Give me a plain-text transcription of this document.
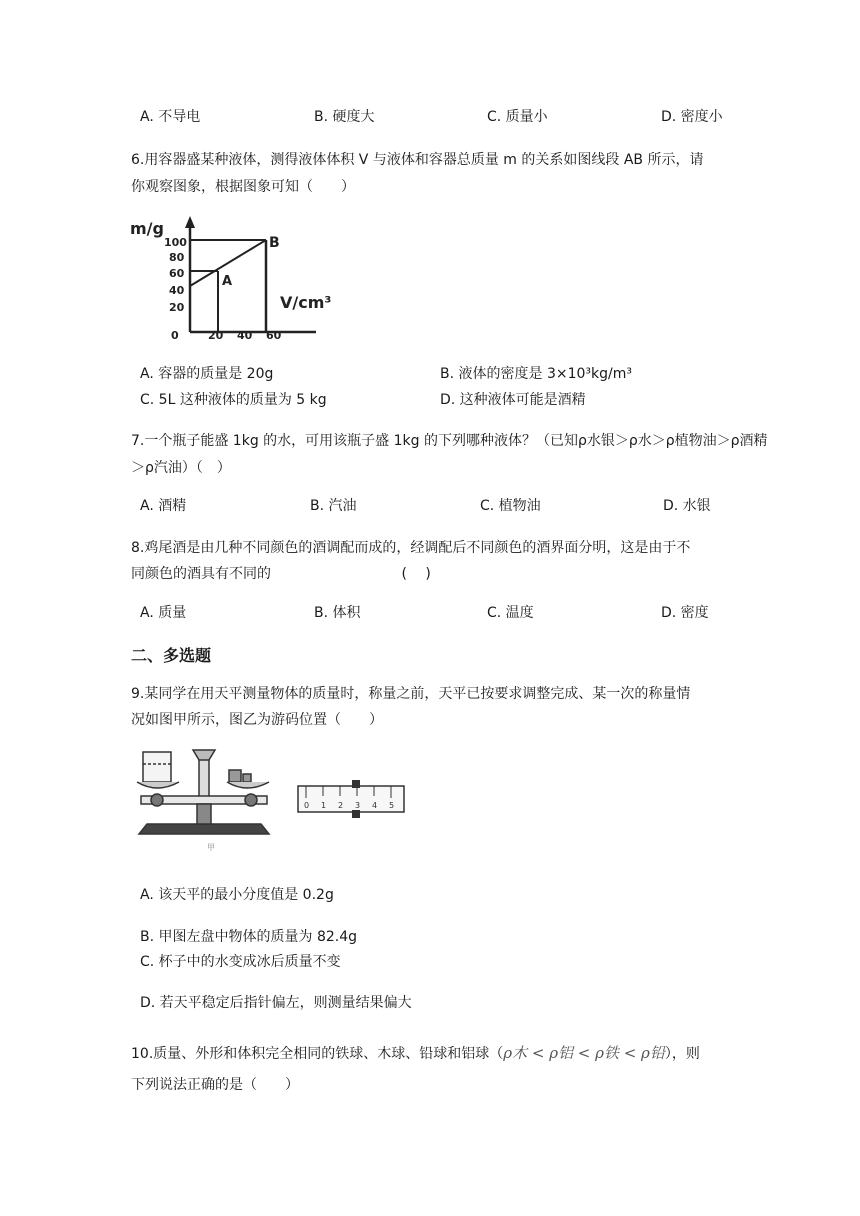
A. 不导电	B. 硬度大	C. 质量小	D. 密度小
6.用容器盛某种液体，测得液体体积 V 与液体和容器总质量 m 的关系如图线段 AB 所示，请
你观察图象，根据图象可知（　　）
m/g
100
80
60
40
20
0	20 40 60
A
B
V/cm³
A. 容器的质量是 20g	B. 液体的密度是 3×10³kg/m³
C. 5L 这种液体的质量为 5 kg	D. 这种液体可能是酒精
7.一个瓶子能盛 1kg 的水，可用该瓶子盛 1kg 的下列哪种液体？（已知ρ水银＞ρ水＞ρ植物油＞ρ酒精
＞ρ汽油）（　）
A. 酒精	B. 汽油	C. 植物油	D. 水银
8.鸡尾酒是由几种不同颜色的酒调配而成的，经调配后不同颜色的酒界面分明，这是由于不
同颜色的酒具有不同的　　　　　　　　　 (　 )
A. 质量	B. 体积	C. 温度	D. 密度
二、多选题
9.某同学在用天平测量物体的质量时，称量之前，天平已按要求调整完成、某一次的称量情
况如图甲所示，图乙为游码位置（　　）
甲
0 1 2 3 4 5
A. 该天平的最小分度值是 0.2g
B. 甲图左盘中物体的质量为 82.4g
C. 杯子中的水变成冰后质量不变
D. 若天平稳定后指针偏左，则测量结果偏大
10.质量、外形和体积完全相同的铁球、木球、铅球和铝球（ρ木 < ρ铝 < ρ铁 < ρ铅），则
下列说法正确的是（　　）
